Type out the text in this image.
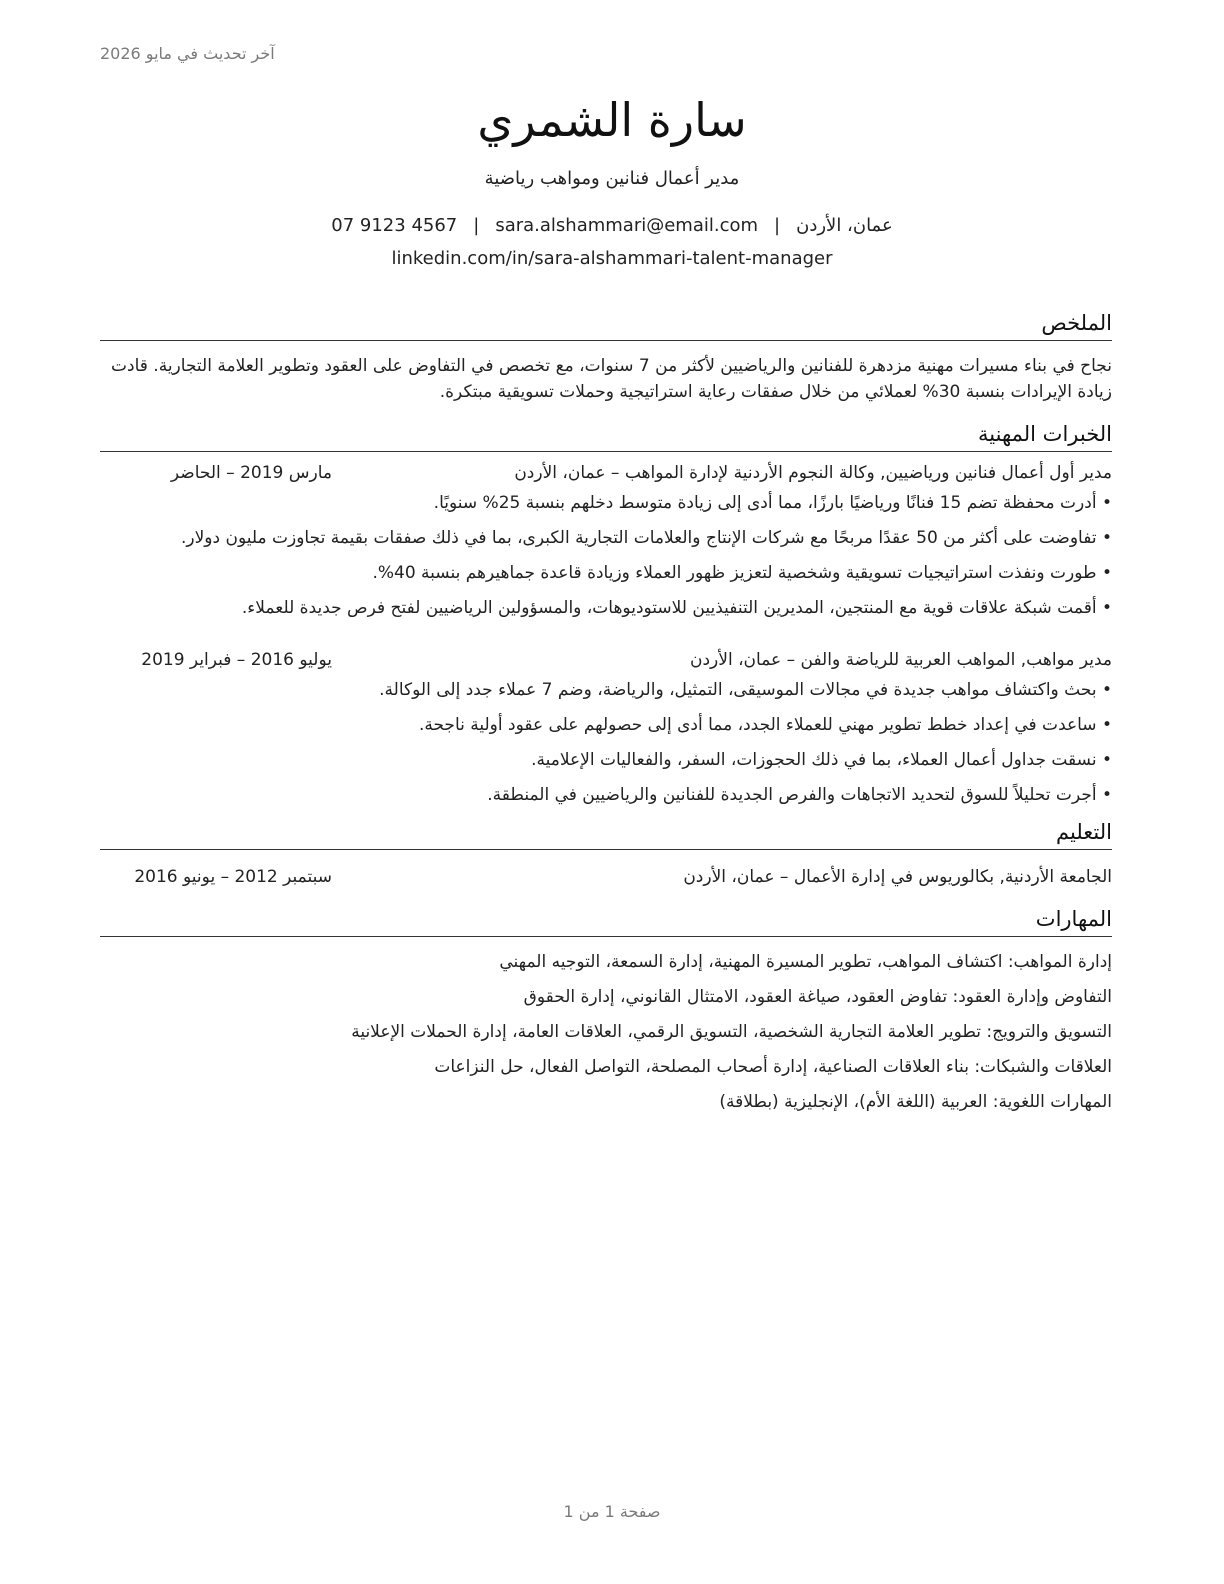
آخر تحديث في مايو 2026
سارة الشمري
مدير أعمال فنانين ومواهب رياضية
عمان، الأردن|sara.alshammari@email.com|07 9123 4567
linkedin.com/in/sara-alshammari-talent-manager
الملخص

نجاح في بناء مسيرات مهنية مزدهرة للفنانين والرياضيين لأكثر من 7 سنوات، مع تخصص في التفاوض على العقود وتطوير العلامة التجارية. قادت زيادة الإيرادات بنسبة 30% لعملائي من خلال صفقات رعاية استراتيجية وحملات تسويقية مبتكرة.

الخبرات المهنية
مدير أول أعمال فنانين ورياضيين, وكالة النجوم الأردنية لإدارة المواهب – عمان، الأردن
مارس 2019 – الحاضر
• أدرت محفظة تضم 15 فنانًا ورياضيًا بارزًا، مما أدى إلى زيادة متوسط دخلهم بنسبة 25% سنويًا.
• تفاوضت على أكثر من 50 عقدًا مربحًا مع شركات الإنتاج والعلامات التجارية الكبرى، بما في ذلك صفقات بقيمة تجاوزت مليون دولار.
• طورت ونفذت استراتيجيات تسويقية وشخصية لتعزيز ظهور العملاء وزيادة قاعدة جماهيرهم بنسبة 40%.
• أقمت شبكة علاقات قوية مع المنتجين، المديرين التنفيذيين للاستوديوهات، والمسؤولين الرياضيين لفتح فرص جديدة للعملاء.
مدير مواهب, المواهب العربية للرياضة والفن – عمان، الأردن
يوليو 2016 – فبراير 2019
• بحث واكتشاف مواهب جديدة في مجالات الموسيقى، التمثيل، والرياضة، وضم 7 عملاء جدد إلى الوكالة.
• ساعدت في إعداد خطط تطوير مهني للعملاء الجدد، مما أدى إلى حصولهم على عقود أولية ناجحة.
• نسقت جداول أعمال العملاء، بما في ذلك الحجوزات، السفر، والفعاليات الإعلامية.
• أجرت تحليلاً للسوق لتحديد الاتجاهات والفرص الجديدة للفنانين والرياضيين في المنطقة.
التعليم
الجامعة الأردنية, بكالوريوس في إدارة الأعمال – عمان، الأردن
سبتمبر 2012 – يونيو 2016
المهارات
إدارة المواهب: اكتشاف المواهب، تطوير المسيرة المهنية، إدارة السمعة، التوجيه المهني
التفاوض وإدارة العقود: تفاوض العقود، صياغة العقود، الامتثال القانوني، إدارة الحقوق
التسويق والترويج: تطوير العلامة التجارية الشخصية، التسويق الرقمي، العلاقات العامة، إدارة الحملات الإعلانية
العلاقات والشبكات: بناء العلاقات الصناعية، إدارة أصحاب المصلحة، التواصل الفعال، حل النزاعات
المهارات اللغوية: العربية (اللغة الأم)، الإنجليزية (بطلاقة)
صفحة 1 من 1
